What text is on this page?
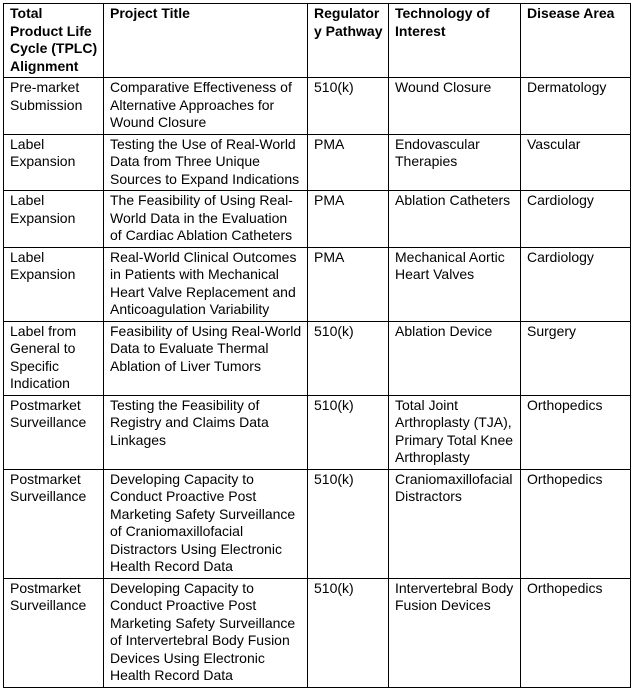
Total Product Life Cycle (TPLC) Alignment	Project Title	Regulatory Pathway	Technology of Interest	Disease Area
Pre-market Submission	Comparative Effectiveness of Alternative Approaches for Wound Closure	510(k)	Wound Closure	Dermatology
Label Expansion	Testing the Use of Real-World Data from Three Unique Sources to Expand Indications	PMA	Endovascular Therapies	Vascular
Label Expansion	The Feasibility of Using Real-World Data in the Evaluation of Cardiac Ablation Catheters	PMA	Ablation Catheters	Cardiology
Label Expansion	Real-World Clinical Outcomes in Patients with Mechanical Heart Valve Replacement and Anticoagulation Variability	PMA	Mechanical Aortic Heart Valves	Cardiology
Label from General to Specific Indication	Feasibility of Using Real-World Data to Evaluate Thermal Ablation of Liver Tumors	510(k)	Ablation Device	Surgery
Postmarket Surveillance	Testing the Feasibility of Registry and Claims Data Linkages	510(k)	Total Joint Arthroplasty (TJA), Primary Total Knee Arthroplasty	Orthopedics
Postmarket Surveillance	Developing Capacity to Conduct Proactive Post Marketing Safety Surveillance of Craniomaxillofacial Distractors Using Electronic Health Record Data	510(k)	Craniomaxillofacial Distractors	Orthopedics
Postmarket Surveillance	Developing Capacity to Conduct Proactive Post Marketing Safety Surveillance of Intervertebral Body Fusion Devices Using Electronic Health Record Data	510(k)	Intervertebral Body Fusion Devices	Orthopedics
